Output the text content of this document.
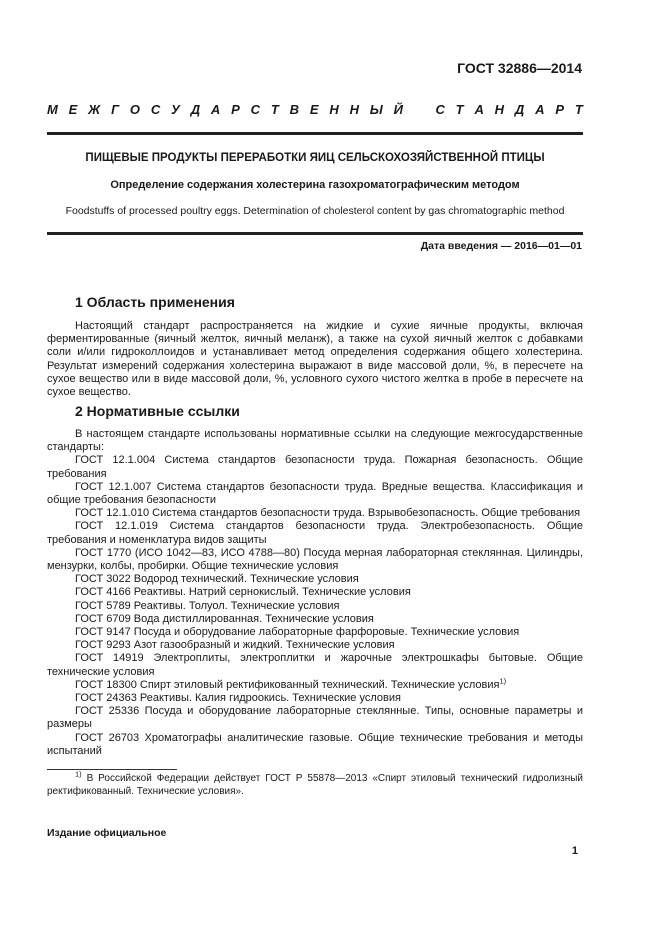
ГОСТ 32886—2014
М Е Ж Г О С У Д А Р С Т В Е Н Н Ы Й С Т А Н Д А Р Т
ПИЩЕВЫЕ ПРОДУКТЫ ПЕРЕРАБОТКИ ЯИЦ СЕЛЬСКОХОЗЯЙСТВЕННОЙ ПТИЦЫ
Определение содержания холестерина газохроматографическим методом
Foodstuffs of processed poultry eggs. Determination of cholesterol content by gas chromatographic method
Дата введения — 2016—01—01
1 Область применения

Настоящий стандарт распространяется на жидкие и сухие яичные продукты, включая ферментированные (яичный желток, яичный меланж), а также на сухой яичный желток с добавками соли и/или гидроколлоидов и устанавливает метод определения содержания общего холестерина. Результат измерений содержания холестерина выражают в виде массовой доли, %, в пересчете на сухое вещество или в виде массовой доли, %, условного сухого чистого желтка в пробе в пересчете на сухое вещество.

2 Нормативные ссылки

В настоящем стандарте использованы нормативные ссылки на следующие межгосударственные стандарты:

ГОСТ 12.1.004 Система стандартов безопасности труда. Пожарная безопасность. Общие требования

ГОСТ 12.1.007 Система стандартов безопасности труда. Вредные вещества. Классификация и общие требования безопасности

ГОСТ 12.1.010 Система стандартов безопасности труда. Взрывобезопасность. Общие требования

ГОСТ 12.1.019 Система стандартов безопасности труда. Электробезопасность. Общие требования и номенклатура видов защиты

ГОСТ 1770 (ИСО 1042—83, ИСО 4788—80) Посуда мерная лабораторная стеклянная. Цилиндры, мензурки, колбы, пробирки. Общие технические условия

ГОСТ 3022 Водород технический. Технические условия

ГОСТ 4166 Реактивы. Натрий сернокислый. Технические условия

ГОСТ 5789 Реактивы. Толуол. Технические условия

ГОСТ 6709 Вода дистиллированная. Технические условия

ГОСТ 9147 Посуда и оборудование лабораторные фарфоровые. Технические условия

ГОСТ 9293 Азот газообразный и жидкий. Технические условия

ГОСТ 14919 Электроплиты, электроплитки и жарочные электрошкафы бытовые. Общие технические условия

ГОСТ 18300 Спирт этиловый ректификованный технический. Технические условия$^{1)}$

ГОСТ 24363 Реактивы. Калия гидроокись. Технические условия

ГОСТ 25336 Посуда и оборудование лабораторные стеклянные. Типы, основные параметры и размеры

ГОСТ 26703 Хроматографы аналитические газовые. Общие технические требования и методы испытаний

$^{1)}$ В Российской Федерации действует ГОСТ Р 55878—2013 «Спирт этиловый технический гидролизный ректификованный. Технические условия».

Издание официальное
1
